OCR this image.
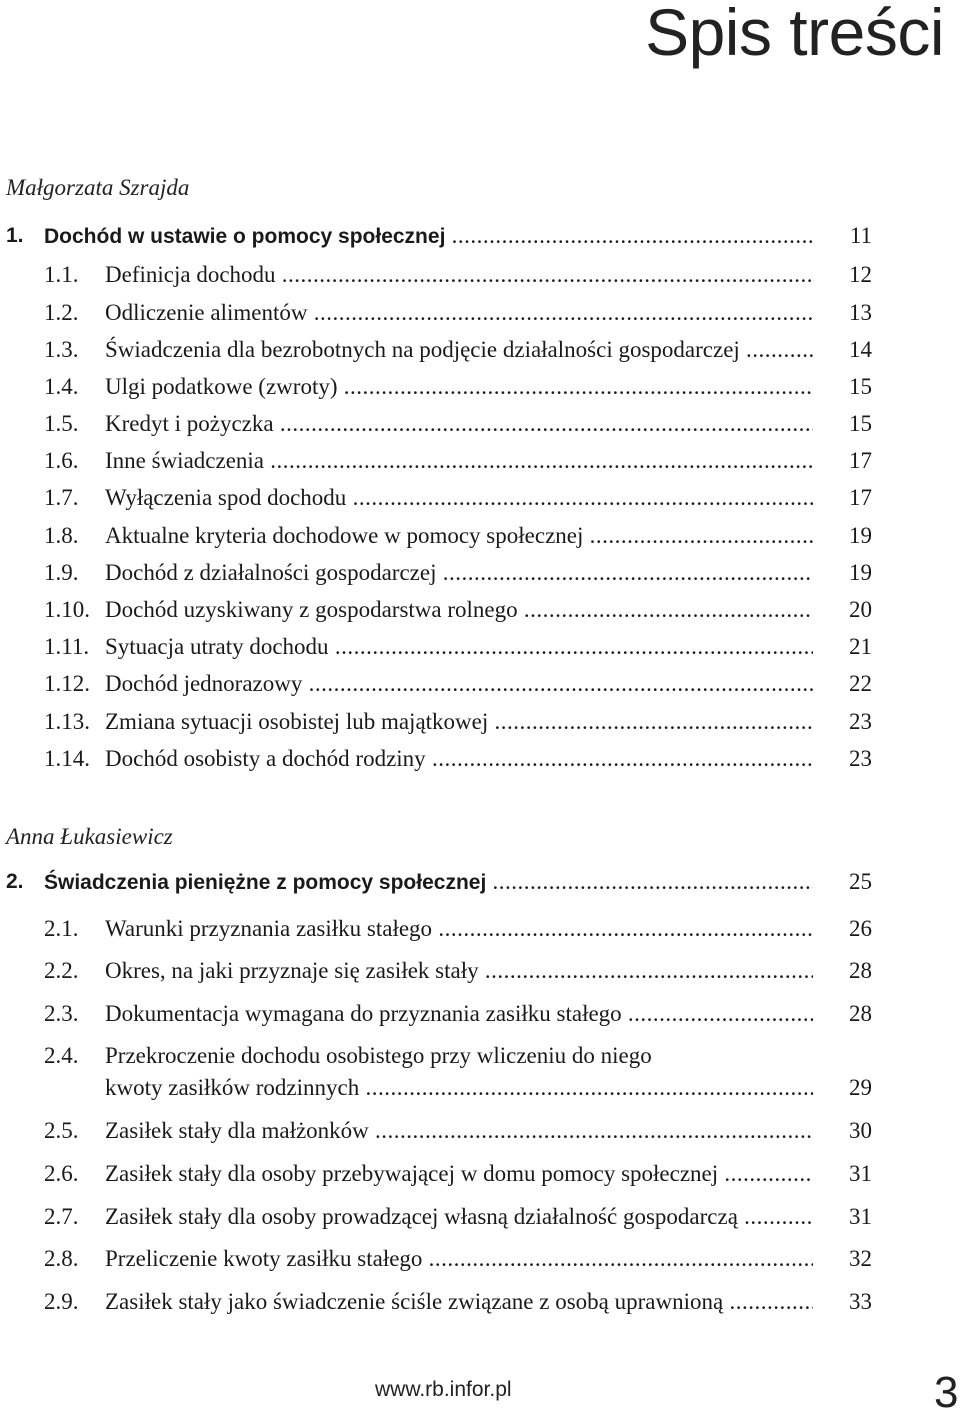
Spis treści
Małgorzata Szrajda
1. Dochód w ustawie o pomocy społecznej .....	11
1.1. Definicja dochodu .....	12
1.2. Odliczenie alimentów .....	13
1.3. Świadczenia dla bezrobotnych na podjęcie działalności gospodarczej .....	14
1.4. Ulgi podatkowe (zwroty) .....	15
1.5. Kredyt i pożyczka .....	15
1.6. Inne świadczenia .....	17
1.7. Wyłączenia spod dochodu .....	17
1.8. Aktualne kryteria dochodowe w pomocy społecznej .....	19
1.9. Dochód z działalności gospodarczej .....	19
1.10. Dochód uzyskiwany z gospodarstwa rolnego .....	20
1.11. Sytuacja utraty dochodu .....	21
1.12. Dochód jednorazowy .....	22
1.13. Zmiana sytuacji osobistej lub majątkowej .....	23
1.14. Dochód osobisty a dochód rodziny .....	23
Anna Łukasiewicz
2. Świadczenia pieniężne z pomocy społecznej .....	25
2.1. Warunki przyznania zasiłku stałego .....	26
2.2. Okres, na jaki przyznaje się zasiłek stały .....	28
2.3. Dokumentacja wymagana do przyznania zasiłku stałego .....	28
2.4. Przekroczenie dochodu osobistego przy wliczeniu do niego
kwoty zasiłków rodzinnych .....	29
2.5. Zasiłek stały dla małżonków .....	30
2.6. Zasiłek stały dla osoby przebywającej w domu pomocy społecznej .....	31
2.7. Zasiłek stały dla osoby prowadzącej własną działalność gospodarczą .....	31
2.8. Przeliczenie kwoty zasiłku stałego .....	32
2.9. Zasiłek stały jako świadczenie ściśle związane z osobą uprawnioną .....	33
www.rb.infor.pl	3
